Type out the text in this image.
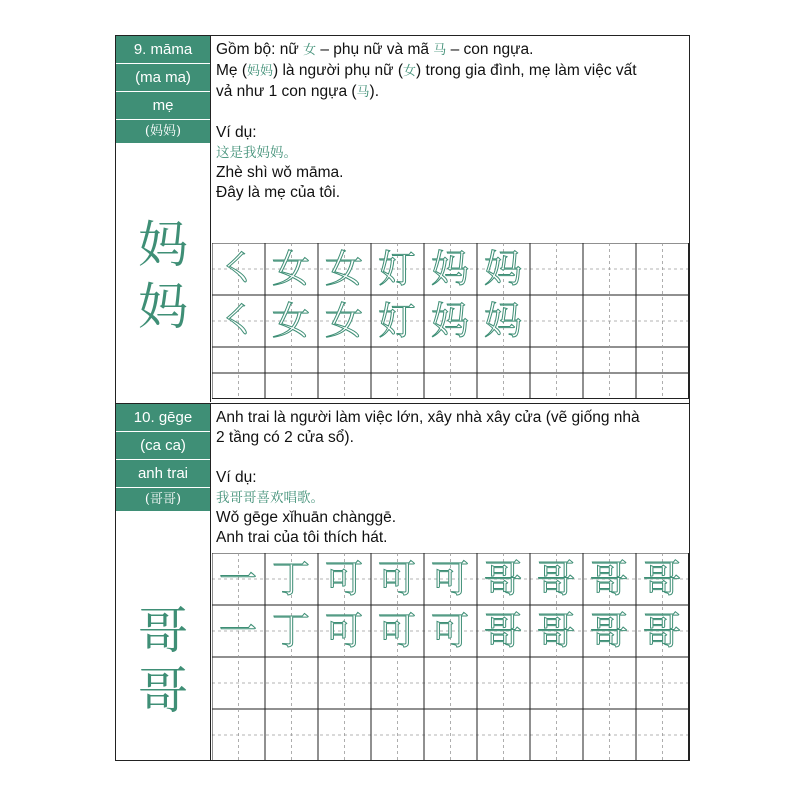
9. māma
(ma ma)
mẹ
(妈妈)
妈
妈
Gồm bộ: nữ 女 – phụ nữ và mã 马 – con ngựa.
Mẹ (妈妈) là người phụ nữ (女) trong gia đình, mẹ làm việc vất
vả như 1 con ngựa (马).
Ví dụ:
这是我妈妈。
Zhè shì wǒ māma.
Đây là mẹ của tôi.
㇛ 女 女 奵 妈 妈
㇛ 女 女 奵 妈 妈
10. gēge
(ca ca)
anh trai
(哥哥)
哥
哥
Anh trai là người làm việc lớn, xây nhà xây cửa (vẽ giống nhà
2 tầng có 2 cửa sổ).
Ví dụ:
我哥哥喜欢唱歌。
Wǒ gēge xǐhuān chànggē.
Anh trai của tôi thích hát.
一 丁 可 可 可 哥 哥 哥 哥
一 丁 可 可 可 哥 哥 哥 哥
